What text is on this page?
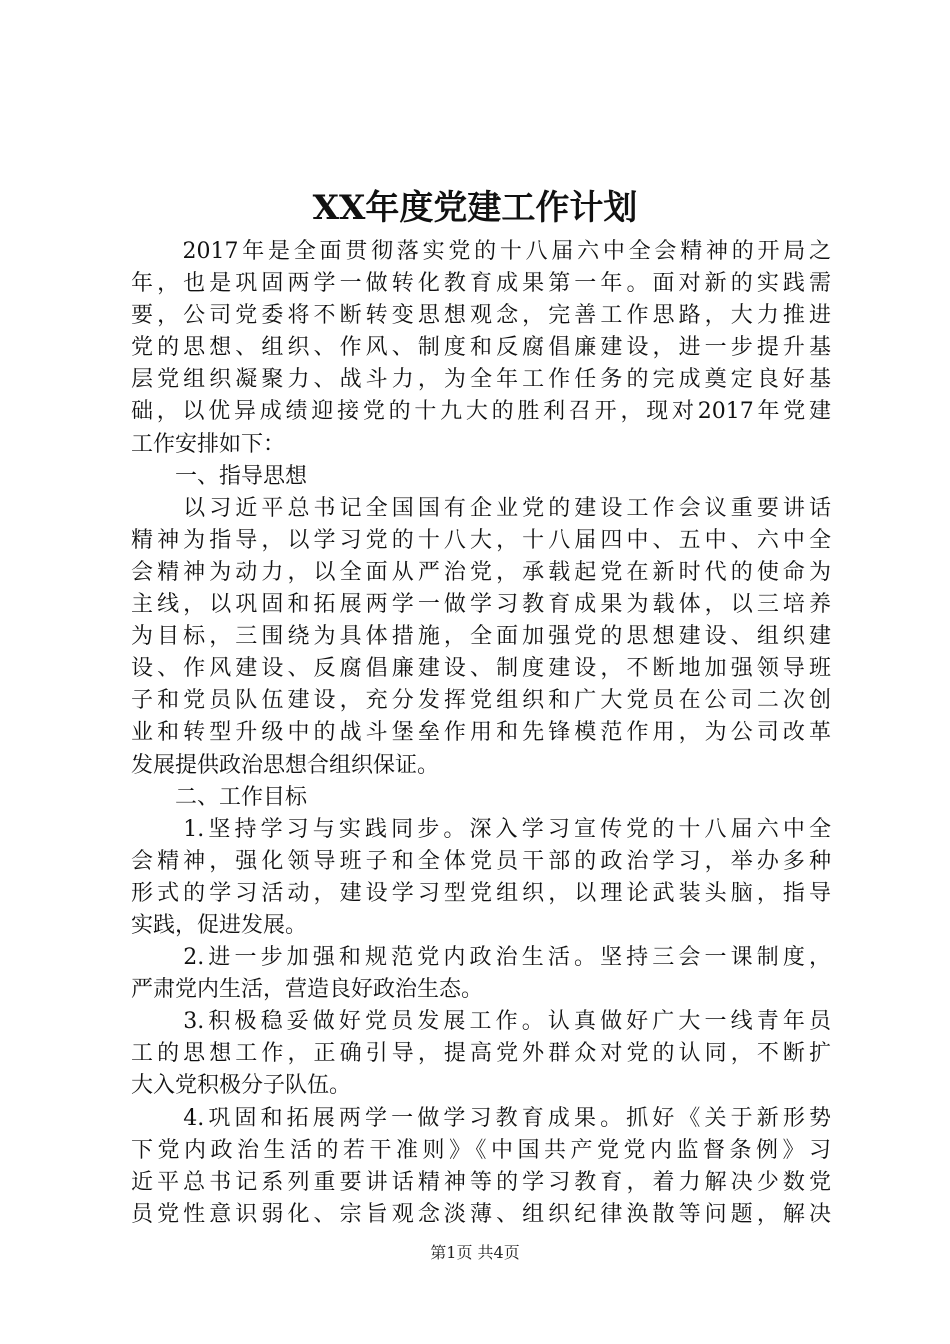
XX年度党建工作计划
　　2017年是全面贯彻落实党的十八届六中全会精神的开局之
年，也是巩固两学一做转化教育成果第一年。面对新的实践需
要，公司党委将不断转变思想观念，完善工作思路，大力推进
党的思想、组织、作风、制度和反腐倡廉建设，进一步提升基
层党组织凝聚力、战斗力，为全年工作任务的完成奠定良好基
础，以优异成绩迎接党的十九大的胜利召开，现对2017年党建
工作安排如下：
　　一、指导思想
　　以习近平总书记全国国有企业党的建设工作会议重要讲话
精神为指导，以学习党的十八大，十八届四中、五中、六中全
会精神为动力，以全面从严治党，承载起党在新时代的使命为
主线，以巩固和拓展两学一做学习教育成果为载体，以三培养
为目标，三围绕为具体措施，全面加强党的思想建设、组织建
设、作风建设、反腐倡廉建设、制度建设，不断地加强领导班
子和党员队伍建设，充分发挥党组织和广大党员在公司二次创
业和转型升级中的战斗堡垒作用和先锋模范作用，为公司改革
发展提供政治思想合组织保证。
　　二、工作目标
　　1.坚持学习与实践同步。深入学习宣传党的十八届六中全
会精神，强化领导班子和全体党员干部的政治学习，举办多种
形式的学习活动，建设学习型党组织，以理论武装头脑，指导
实践，促进发展。
　　2.进一步加强和规范党内政治生活。坚持三会一课制度，
严肃党内生活，营造良好政治生态。
　　3.积极稳妥做好党员发展工作。认真做好广大一线青年员
工的思想工作，正确引导，提高党外群众对党的认同，不断扩
大入党积极分子队伍。
　　4.巩固和拓展两学一做学习教育成果。抓好《关于新形势
下党内政治生活的若干准则》《中国共产党党内监督条例》习
近平总书记系列重要讲话精神等的学习教育，着力解决少数党
员党性意识弱化、宗旨观念淡薄、组织纪律涣散等问题，解决
第1页 共4页
